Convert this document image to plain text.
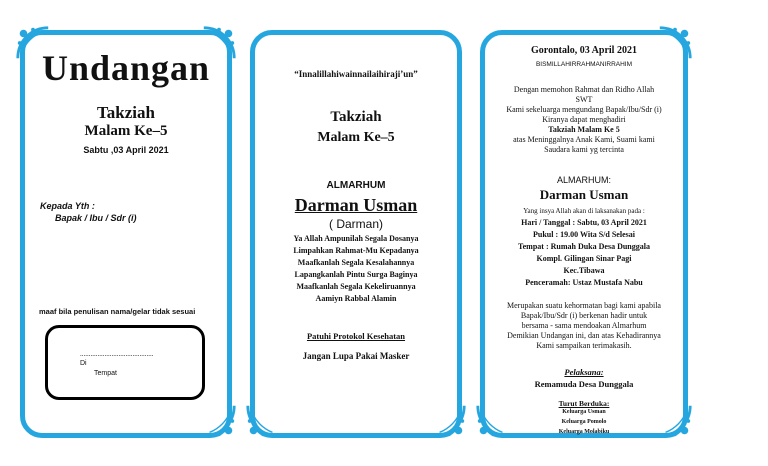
Undangan

Takziah

Malam Ke–5

Sabtu ,03 April 2021

Kepada Yth :

Bapak / Ibu / Sdr (i)

maaf bila penulisan nama/gelar tidak sesuai

..........................................
Di
Tempat

“Innalillahiwainnailaihiraji’un”

Takziah

Malam Ke–5

ALMARHUM

Darman Usman

( Darman)

Ya Allah Ampunilah Segala Dosanya
Limpahkan Rahmat-Mu Kepadanya
Maafkanlah Segala Kesalahannya
Lapangkanlah Pintu Surga Baginya
Maafkanlah Segala Kekeliruannya
Aamiyn Rabbal Alamin

Patuhi Protokol Kesehatan

Jangan Lupa Pakai Masker

Gorontalo, 03 April 2021

BISMILLAHIRRAHMANIRRAHIM

Dengan memohon Rahmat dan Ridho Allah
SWT
Kami sekeluarga mengundang Bapak/Ibu/Sdr (i)
Kiranya dapat menghadiri
Takziah Malam Ke 5
atas Meninggalnya Anak Kami, Suami kami
Saudara kami yg tercinta

ALMARHUM:

Darman Usman

Yang insya Allah akan di laksanakan pada :
Hari / Tanggal : Sabtu, 03 April 2021
Pukul : 19.00 Wita S/d Selesai
Tempat : Rumah Duka Desa Dunggala
Kompl. Gilingan Sinar Pagi
Kec.Tibawa
Penceramah: Ustaz Mustafa Nabu
Merupakan suatu kehormatan bagi kami apabila
Bapak/Ibu/Sdr (i) berkenan hadir untuk
bersama - sama mendoakan Almarhum
Demikian Undangan ini, dan atas Kehadirannya
Kami sampaikan terimakasih.

Pelaksana:

Remamuda Desa Dunggala

Turut Berduka:

Keluarga Usman

Keluarga Pomolo

Keluarga Molabiku
